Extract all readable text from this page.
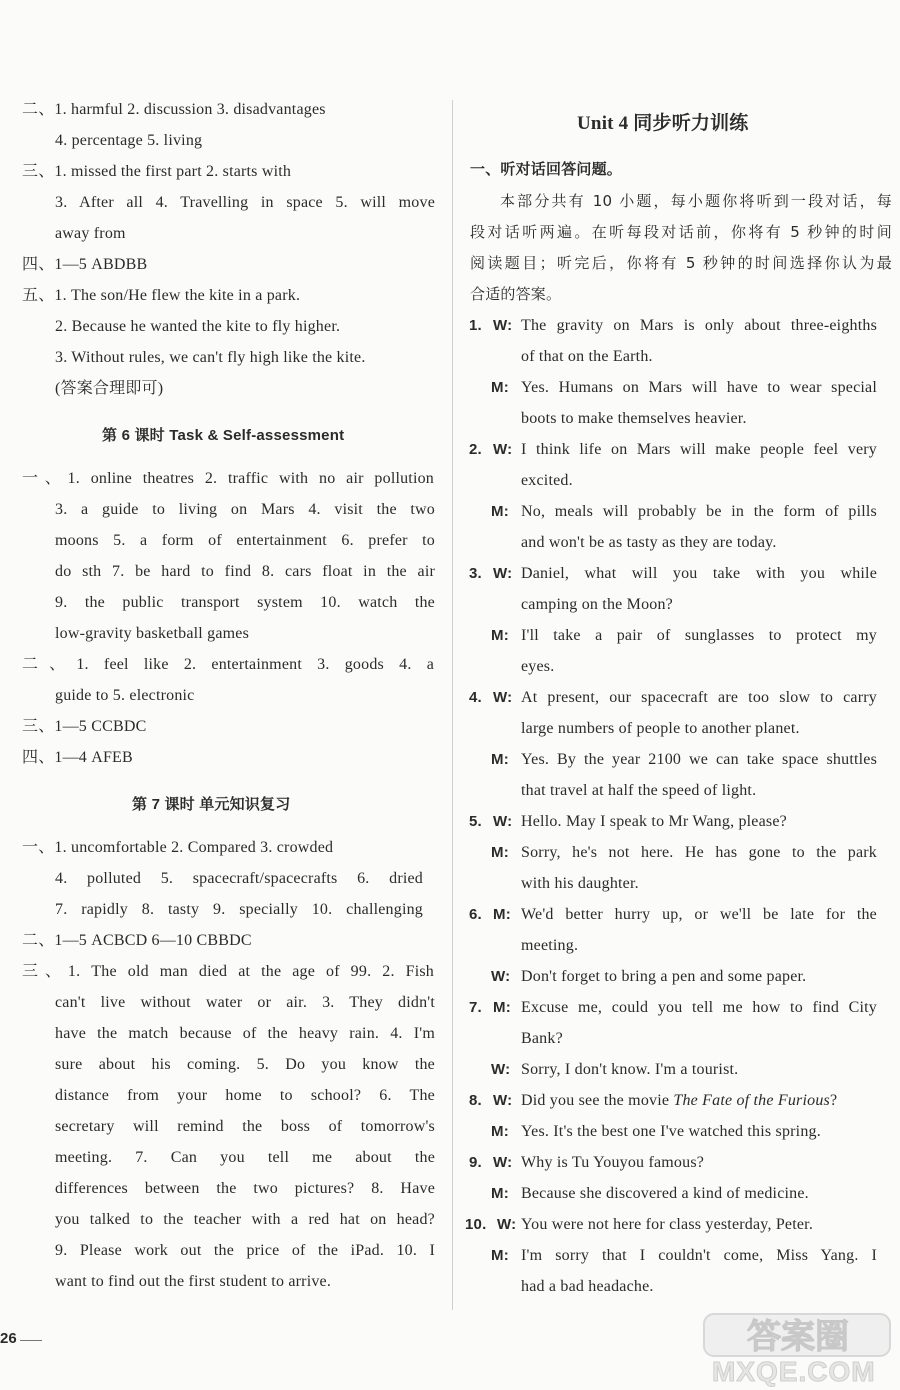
二、1. harmful 2. discussion 3. disadvantages
4. percentage 5. living
三、1. missed the first part 2. starts with
3. After all 4. Travelling in space 5. will move
away from
四、1—5 ABDBB
五、1. The son/He flew the kite in a park.
2. Because he wanted the kite to fly higher.
3. Without rules, we can't fly high like the kite.
(答案合理即可)
第 6 课时 Task & Self-assessment
一、1. online theatres 2. traffic with no air pollution
3. a guide to living on Mars 4. visit the two
moons 5. a form of entertainment 6. prefer to
do sth 7. be hard to find 8. cars float in the air
9. the public transport system 10. watch the
low-gravity basketball games
二、1. feel like 2. entertainment 3. goods 4. a
guide to 5. electronic
三、1—5 CCBDC
四、1—4 AFEB
第 7 课时 单元知识复习
一、1. uncomfortable 2. Compared 3. crowded
4. polluted 5. spacecraft/spacecrafts 6. dried
7. rapidly 8. tasty 9. specially 10. challenging
二、1—5 ACBCD 6—10 CBBDC
三、1. The old man died at the age of 99. 2. Fish
can't live without water or air. 3. They didn't
have the match because of the heavy rain. 4. I'm
sure about his coming. 5. Do you know the
distance from your home to school? 6. The
secretary will remind the boss of tomorrow's
meeting. 7. Can you tell me about the
differences between the two pictures? 8. Have
you talked to the teacher with a red hat on head?
9. Please work out the price of the iPad. 10. I
want to find out the first student to arrive.
Unit 4 同步听力训练
一、听对话回答问题。
本部分共有 10 小题，每小题你将听到一段对话，每
段对话听两遍。在听每段对话前，你将有 5 秒钟的时间
阅读题目；听完后，你将有 5 秒钟的时间选择你认为最
合适的答案。
1. W: The gravity on Mars is only about three-eighths
of that on the Earth.
M: Yes. Humans on Mars will have to wear special
boots to make themselves heavier.
2. W: I think life on Mars will make people feel very
excited.
M: No, meals will probably be in the form of pills
and won't be as tasty as they are today.
3. W: Daniel, what will you take with you while
camping on the Moon?
M: I'll take a pair of sunglasses to protect my
eyes.
4. W: At present, our spacecraft are too slow to carry
large numbers of people to another planet.
M: Yes. By the year 2100 we can take space shuttles
that travel at half the speed of light.
5. W: Hello. May I speak to Mr Wang, please?
M: Sorry, he's not here. He has gone to the park
with his daughter.
6. M: We'd better hurry up, or we'll be late for the
meeting.
W: Don't forget to bring a pen and some paper.
7. M: Excuse me, could you tell me how to find City
Bank?
W: Sorry, I don't know. I'm a tourist.
8. W: Did you see the movie The Fate of the Furious?
M: Yes. It's the best one I've watched this spring.
9. W: Why is Tu Youyou famous?
M: Because she discovered a kind of medicine.
10. W: You were not here for class yesterday, Peter.
M: I'm sorry that I couldn't come, Miss Yang. I
had a bad headache.
26	答案圈
MXQE.COM
